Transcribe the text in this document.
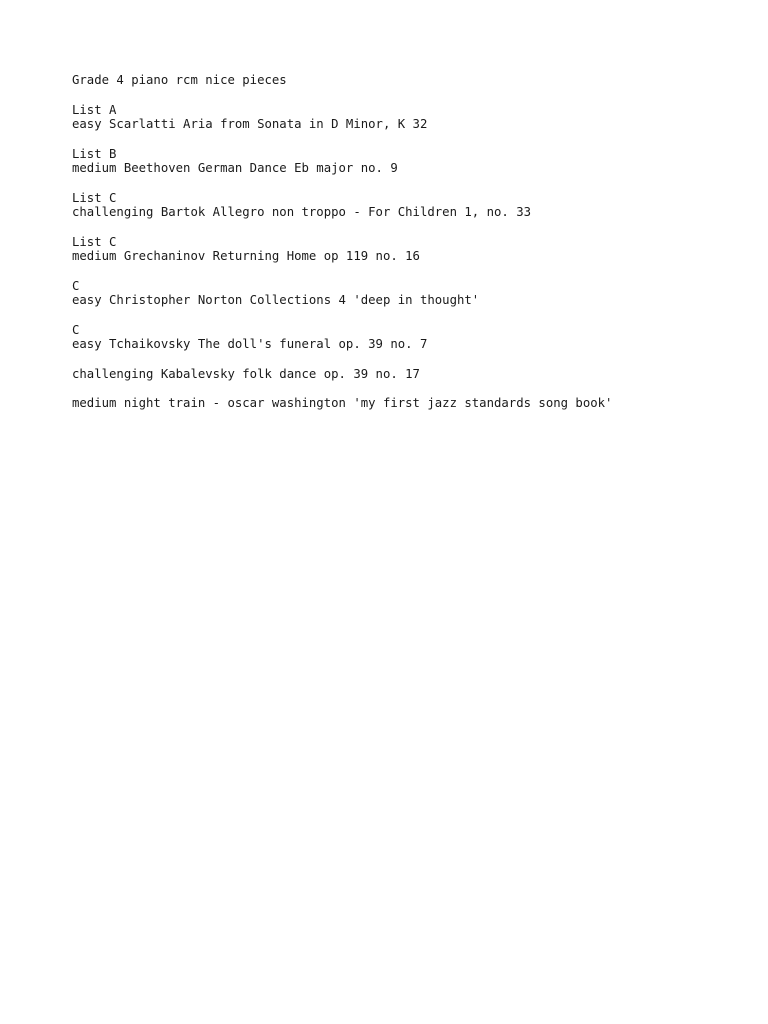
Grade 4 piano rcm nice pieces
List A
easy Scarlatti Aria from Sonata in D Minor, K 32
List B
medium Beethoven German Dance Eb major no. 9
List C
challenging Bartok Allegro non troppo - For Children 1, no. 33
List C
medium Grechaninov Returning Home op 119 no. 16
C
easy Christopher Norton Collections 4 'deep in thought'
C
easy Tchaikovsky The doll's funeral op. 39 no. 7
challenging Kabalevsky folk dance op. 39 no. 17
medium night train - oscar washington 'my first jazz standards song book'
